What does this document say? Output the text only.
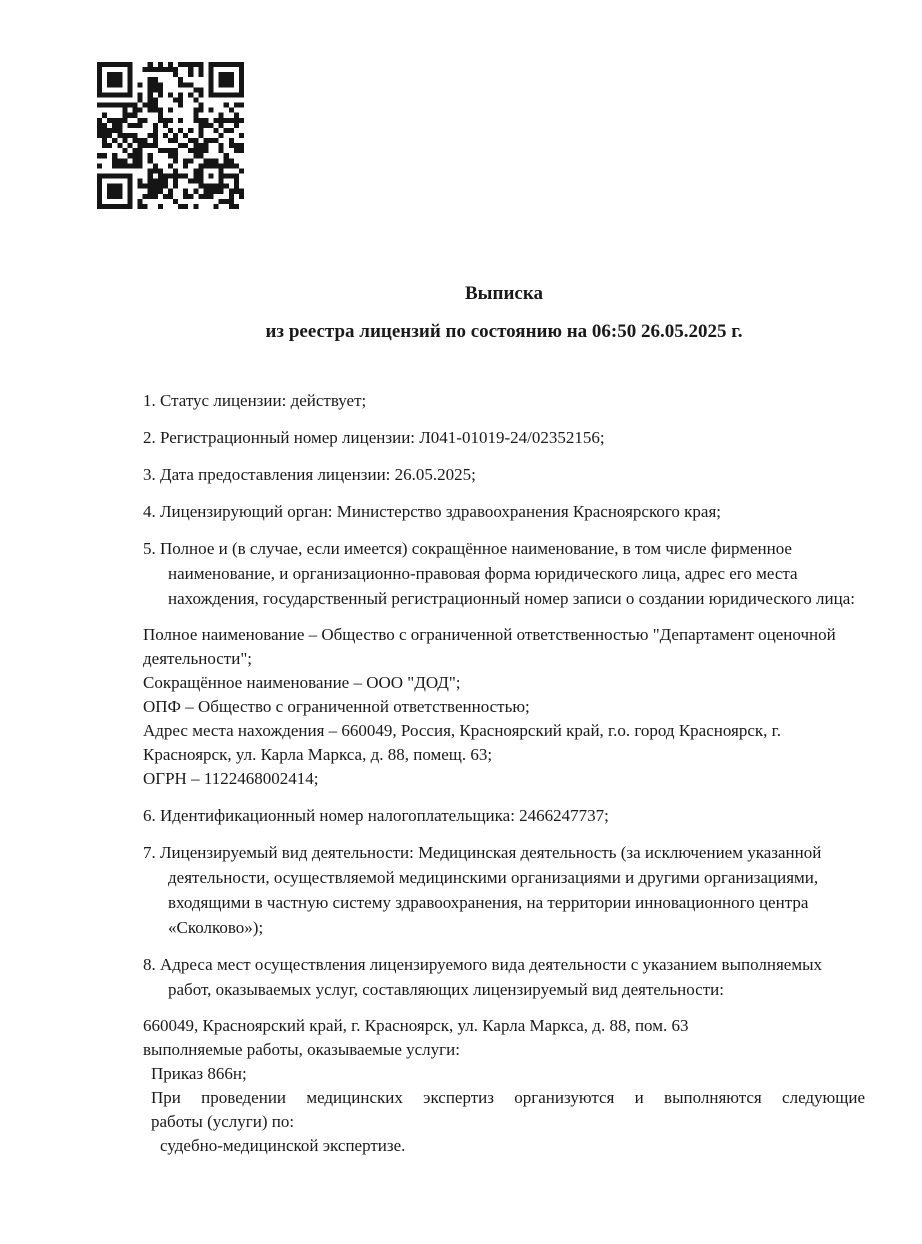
Выписка
из реестра лицензий по состоянию на 06:50 26.05.2025 г.

1. Статус лицензии: действует;

2. Регистрационный номер лицензии: Л041-01019-24/02352156;

3. Дата предоставления лицензии: 26.05.2025;

4. Лицензирующий орган: Министерство здравоохранения Красноярского края;

5. Полное и (в случае, если имеется) сокращённое наименование, в том числе фирменное наименование, и организационно-правовая форма юридического лица, адрес его места нахождения, государственный регистрационный номер записи о создании юридического лица:

Полное наименование – Общество с ограниченной ответственностью "Департамент оценочной деятельности";

Сокращённое наименование – ООО "ДОД";

ОПФ – Общество с ограниченной ответственностью;

Адрес места нахождения – 660049, Россия, Красноярский край, г.о. город Красноярск, г. Красноярск, ул. Карла Маркса, д. 88, помещ. 63;

ОГРН – 1122468002414;

6. Идентификационный номер налогоплательщика: 2466247737;

7. Лицензируемый вид деятельности: Медицинская деятельность (за исключением указанной деятельности, осуществляемой медицинскими организациями и другими организациями, входящими в частную систему здравоохранения, на территории инновационного центра «Сколково»);

8. Адреса мест осуществления лицензируемого вида деятельности с указанием выполняемых работ, оказываемых услуг, составляющих лицензируемый вид деятельности:

660049, Красноярский край, г. Красноярск, ул. Карла Маркса, д. 88, пом. 63

выполняемые работы, оказываемые услуги:

Приказ 866н;

При проведении медицинских экспертиз организуются и выполняются следующие

работы (услуги) по:

судебно-медицинской экспертизе.
